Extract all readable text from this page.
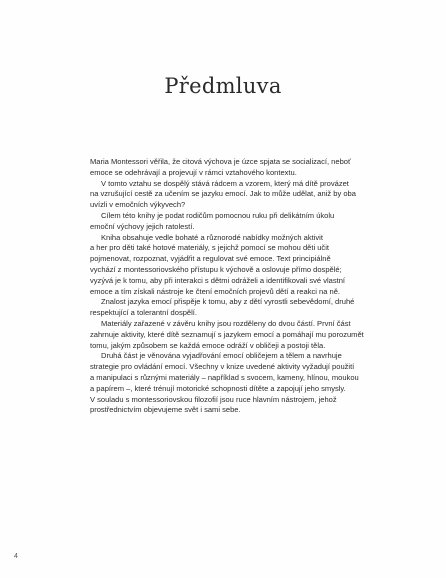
Předmluva

Maria Montessori věřila, že citová výchova je úzce spjata se socializací, neboť
emoce se odehrávají a projevují v rámci vztahového kontextu.

V tomto vztahu se dospělý stává rádcem a vzorem, který má dítě provázet
na vzrušující cestě za učením se jazyku emocí. Jak to může udělat, aniž by oba
uvízli v emočních výkyvech?

Cílem této knihy je podat rodičům pomocnou ruku při delikátním úkolu
emoční výchovy jejich ratolestí.

Kniha obsahuje vedle bohaté a různorodé nabídky možných aktivit
a her pro děti také hotové materiály, s jejichž pomocí se mohou děti učit
pojmenovat, rozpoznat, vyjádřit a regulovat své emoce. Text principiálně
vychází z montessoriovského přístupu k výchově a oslovuje přímo dospělé;
vyzývá je k tomu, aby při interakci s dětmi odráželi a identifikovali své vlastní
emoce a tím získali nástroje ke čtení emočních projevů dětí a reakci na ně.

Znalost jazyka emocí přispěje k tomu, aby z dětí vyrostli sebevědomí, druhé
respektující a tolerantní dospělí.

Materiály zařazené v závěru knihy jsou rozděleny do dvou částí. První část
zahrnuje aktivity, které dítě seznamují s jazykem emocí a pomáhají mu porozumět
tomu, jakým způsobem se každá emoce odráží v obličeji a postoji těla.

Druhá část je věnována vyjadřování emocí obličejem a tělem a navrhuje
strategie pro ovládání emocí. Všechny v knize uvedené aktivity vyžadují použití
a manipulaci s různými materiály – například s svocem, kameny, hlínou, moukou
a papírem –, které trénují motorické schopnosti dítěte a zapojují jeho smysly.
V souladu s montessoriovskou filozofií jsou ruce hlavním nástrojem, jehož
prostřednictvím objevujeme svět i sami sebe.

4
